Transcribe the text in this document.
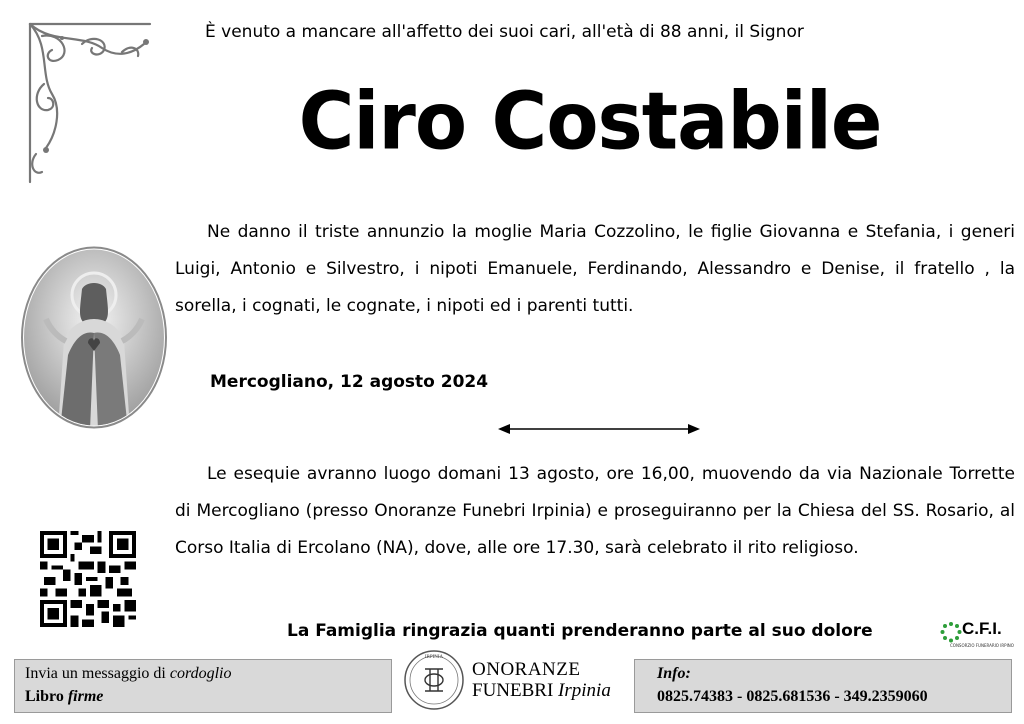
È venuto a mancare all'affetto dei suoi cari, all'età di 88 anni, il Signor
Ciro Costabile
Ne danno il triste annunzio la moglie Maria Cozzolino, le figlie Giovanna e Stefania, i generi Luigi, Antonio e Silvestro, i nipoti Emanuele, Ferdinando, Alessandro e Denise, il fratello , la sorella, i cognati, le cognate, i nipoti ed i parenti tutti.
Mercogliano, 12 agosto 2024
Le esequie avranno luogo domani 13 agosto, ore 16,00, muovendo da via Nazionale Torrette di Mercogliano (presso Onoranze Funebri Irpinia) e proseguiranno per la Chiesa del SS. Rosario, al Corso Italia di Ercolano (NA), dove, alle ore 17.30, sarà celebrato il rito religioso.
La Famiglia ringrazia quanti prenderanno parte al suo dolore	C.F.I.
CONSORZIO FUNERARIO IRPINO
Invia un messaggio di cordoglio
Libro firme
IRPINIA
ONORANZE
FUNEBRI Irpinia
Info:
0825.74383 - 0825.681536 - 349.2359060
